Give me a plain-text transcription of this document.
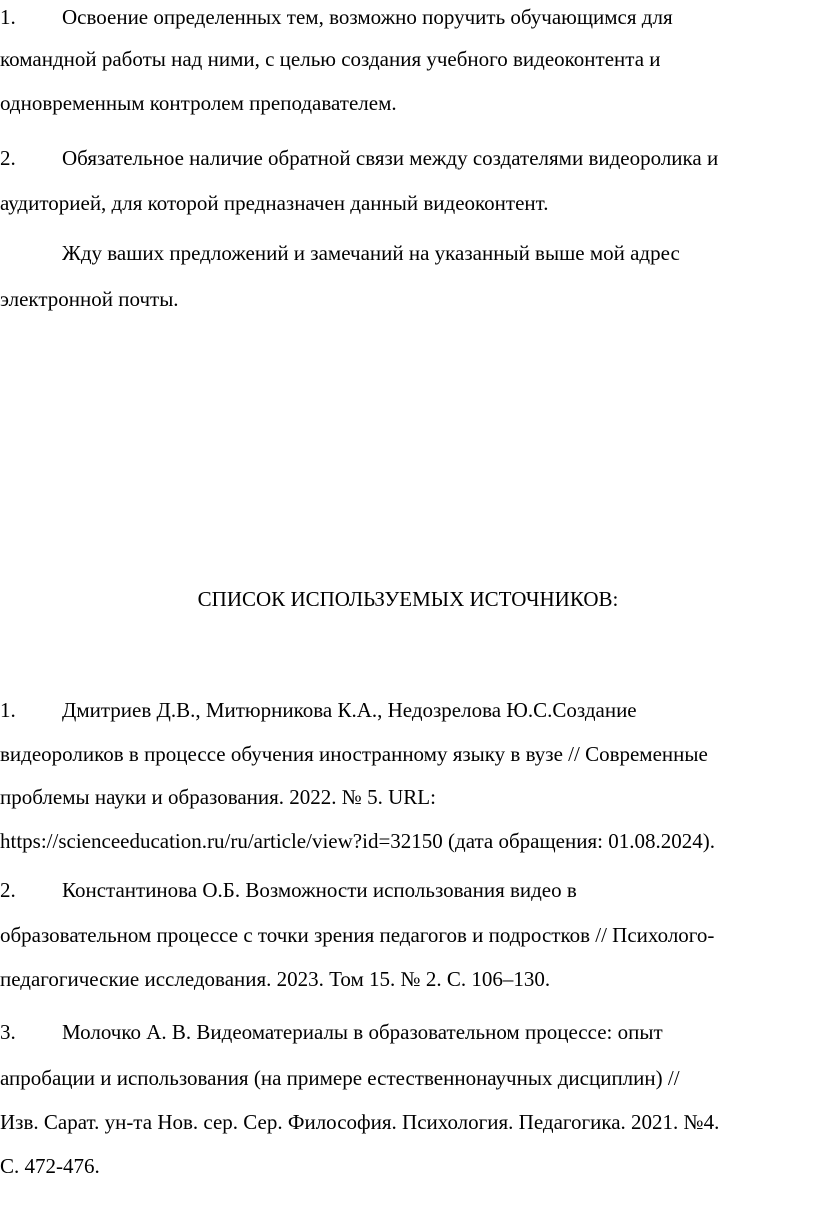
1. Освоение определенных тем, возможно поручить обучающимся для
командной работы над ними, с целью создания учебного видеоконтента и
одновременным контролем преподавателем.
2. Обязательное наличие обратной связи между создателями видеоролика и
аудиторией, для которой предназначен данный видеоконтент.
Жду ваших предложений и замечаний на указанный выше мой адрес
электронной почты.
СПИСОК ИСПОЛЬЗУЕМЫХ ИСТОЧНИКОВ:
1. Дмитриев Д.В., Митюрникова К.А., Недозрелова Ю.С.Создание
видеороликов в процессе обучения иностранному языку в вузе // Современные
проблемы науки и образования. 2022. № 5. URL:
https://scienceeducation.ru/ru/article/view?id=32150 (дата обращения: 01.08.2024).
2. Константинова О.Б. Возможности использования видео в
образовательном процессе с точки зрения педагогов и подростков // Психолого-
педагогические исследования. 2023. Том 15. № 2. С. 106–130.
3. Молочко А. В. Видеоматериалы в образовательном процессе: опыт
апробации и использования (на примере естественнонаучных дисциплин) //
Изв. Сарат. ун-та Нов. сер. Сер. Философия. Психология. Педагогика. 2021. №4.
С. 472-476.
